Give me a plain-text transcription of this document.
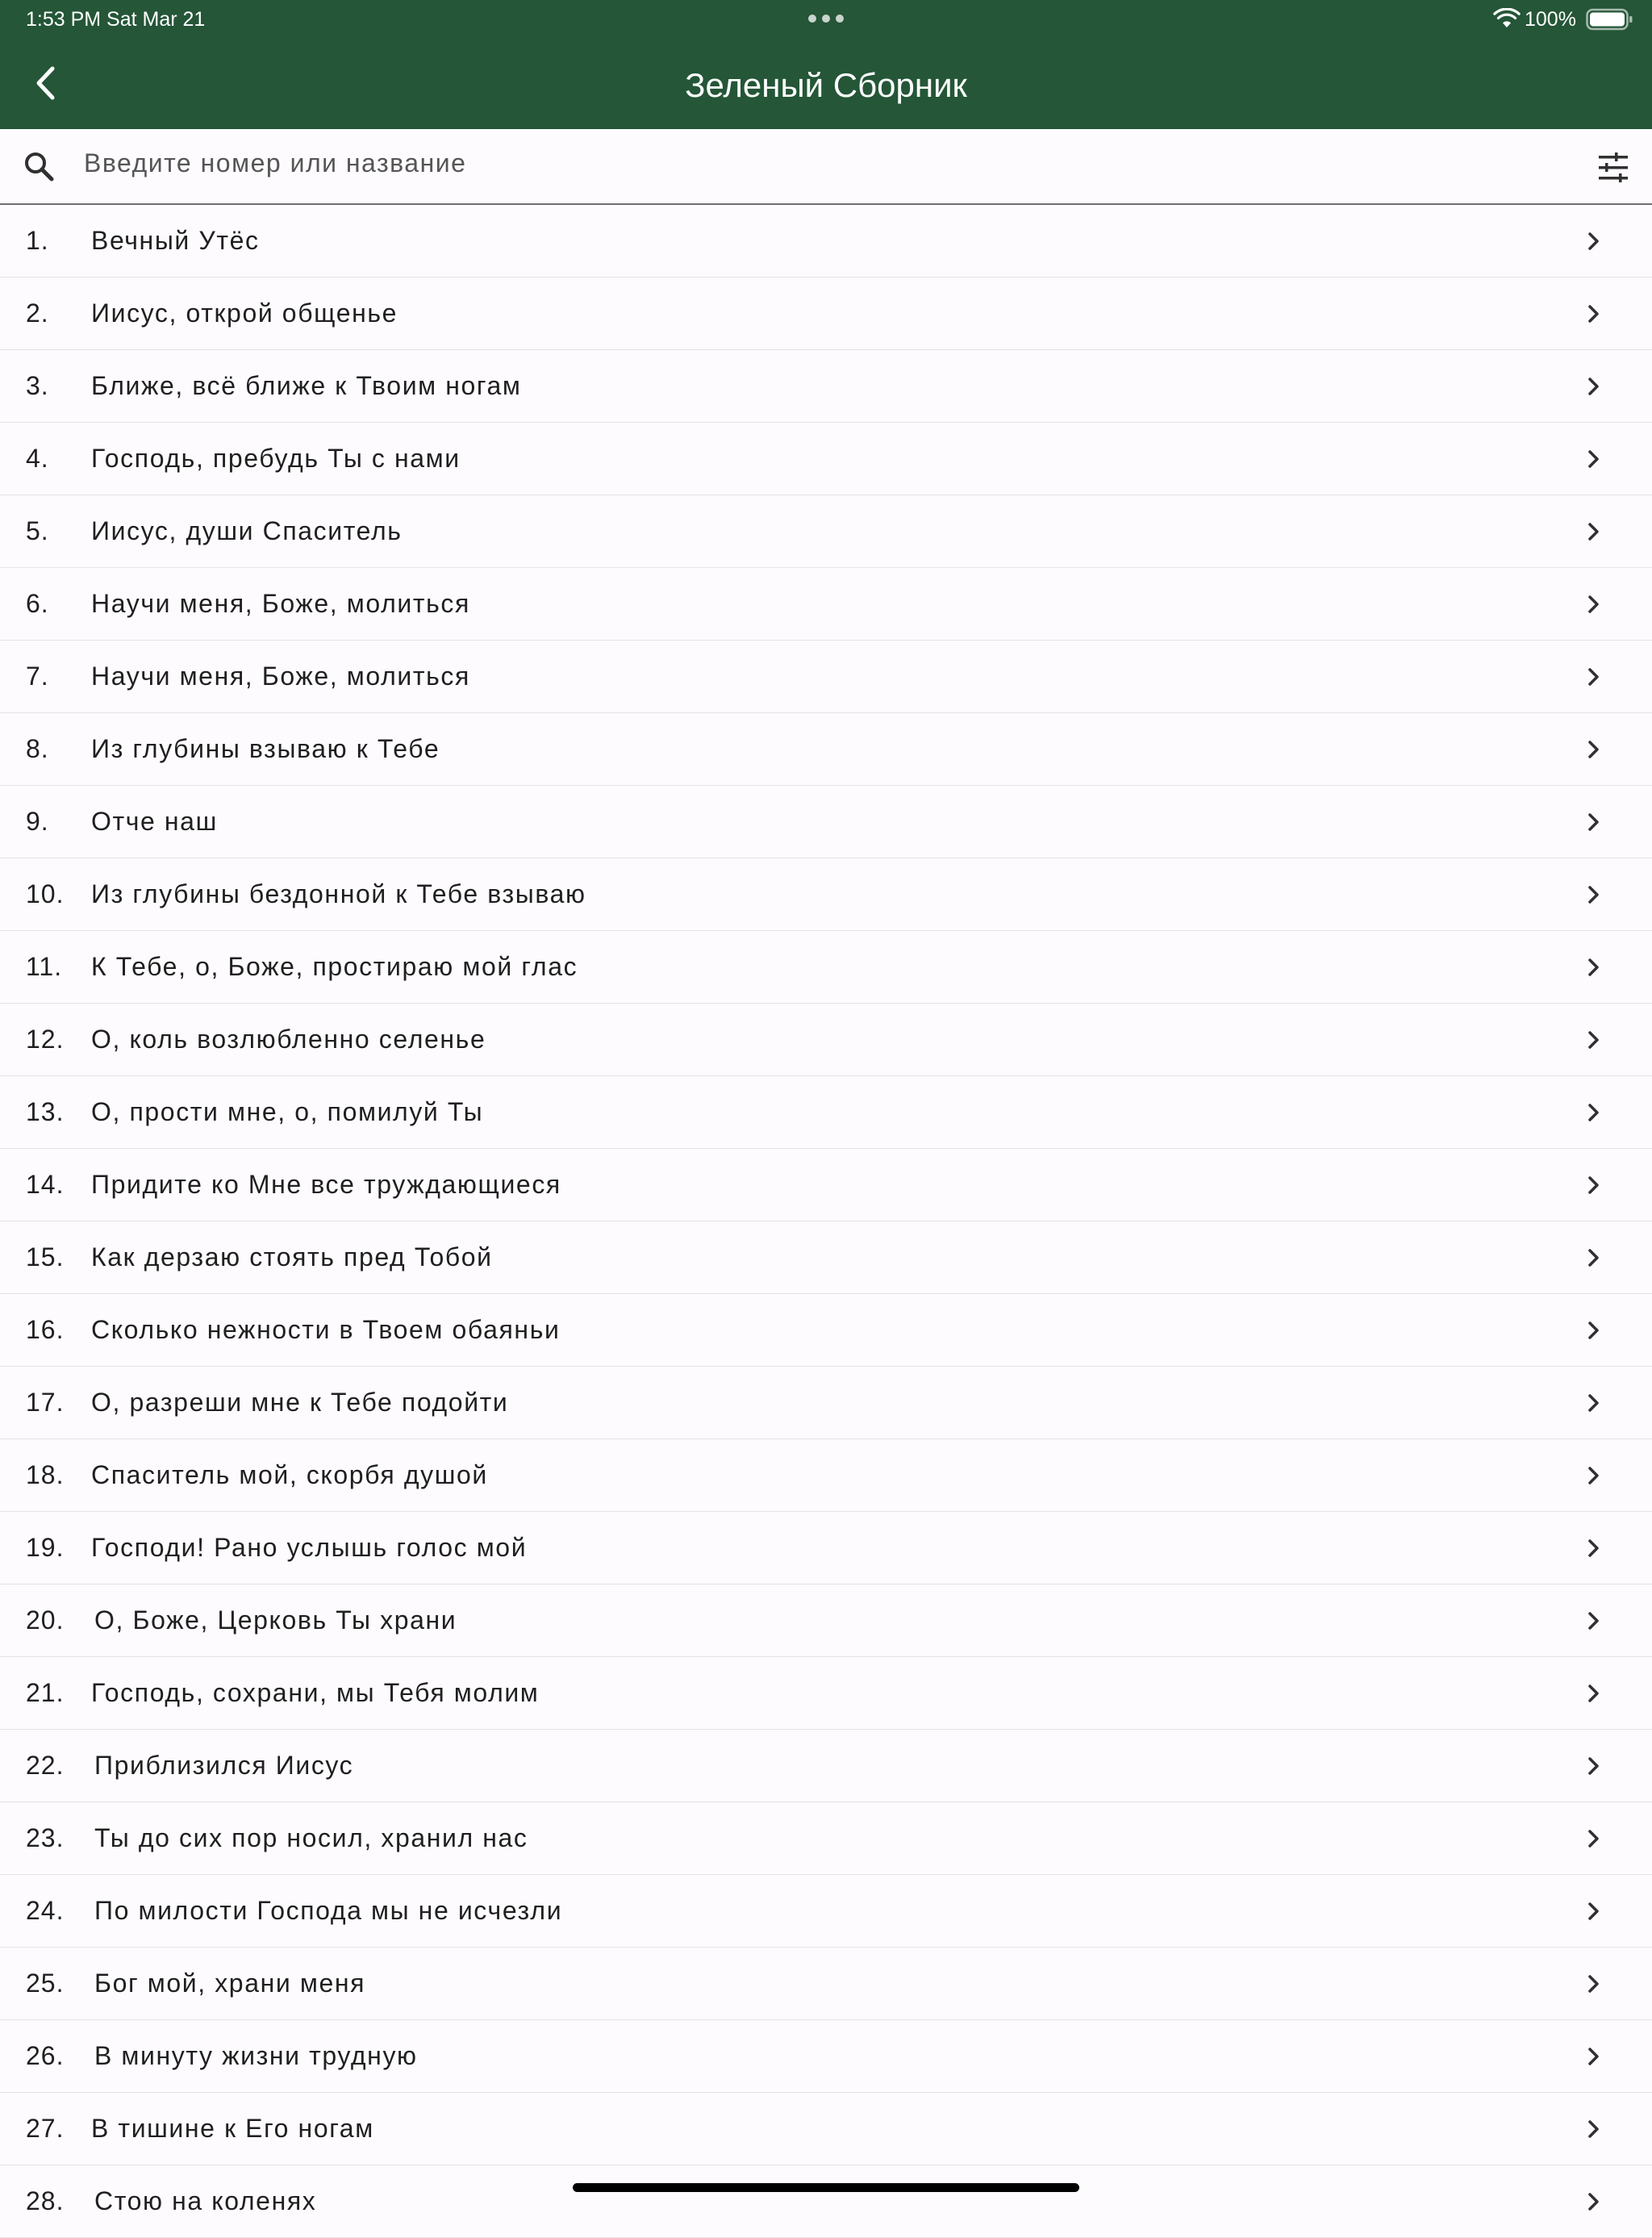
1:53 PM Sat Mar 21	100%
Зеленый Сборник
Введите номер или название
1. Вечный Утёс
2. Иисус, открой общенье
3. Ближе, всё ближе к Твоим ногам
4. Господь, пребудь Ты с нами
5. Иисус, души Спаситель
6. Научи меня, Боже, молиться
7. Научи меня, Боже, молиться
8. Из глубины взываю к Тебе
9. Отче наш
10. Из глубины бездонной к Тебе взываю
11. К Тебе, о, Боже, простираю мой глас
12. О, коль возлюбленно селенье
13. О, прости мне, о, помилуй Ты
14. Придите ко Мне все труждающиеся
15. Как дерзаю стоять пред Тобой
16. Сколько нежности в Твоем обаяньи
17. О, разреши мне к Тебе подойти
18. Спаситель мой, скорбя душой
19. Господи! Рано услышь голос мой
20. О, Боже, Церковь Ты храни
21. Господь, сохрани, мы Тебя молим
22. Приблизился Иисус
23. Ты до сих пор носил, хранил нас
24. По милости Господа мы не исчезли
25. Бог мой, храни меня
26. В минуту жизни трудную
27. В тишине к Его ногам
28. Стою на коленях
